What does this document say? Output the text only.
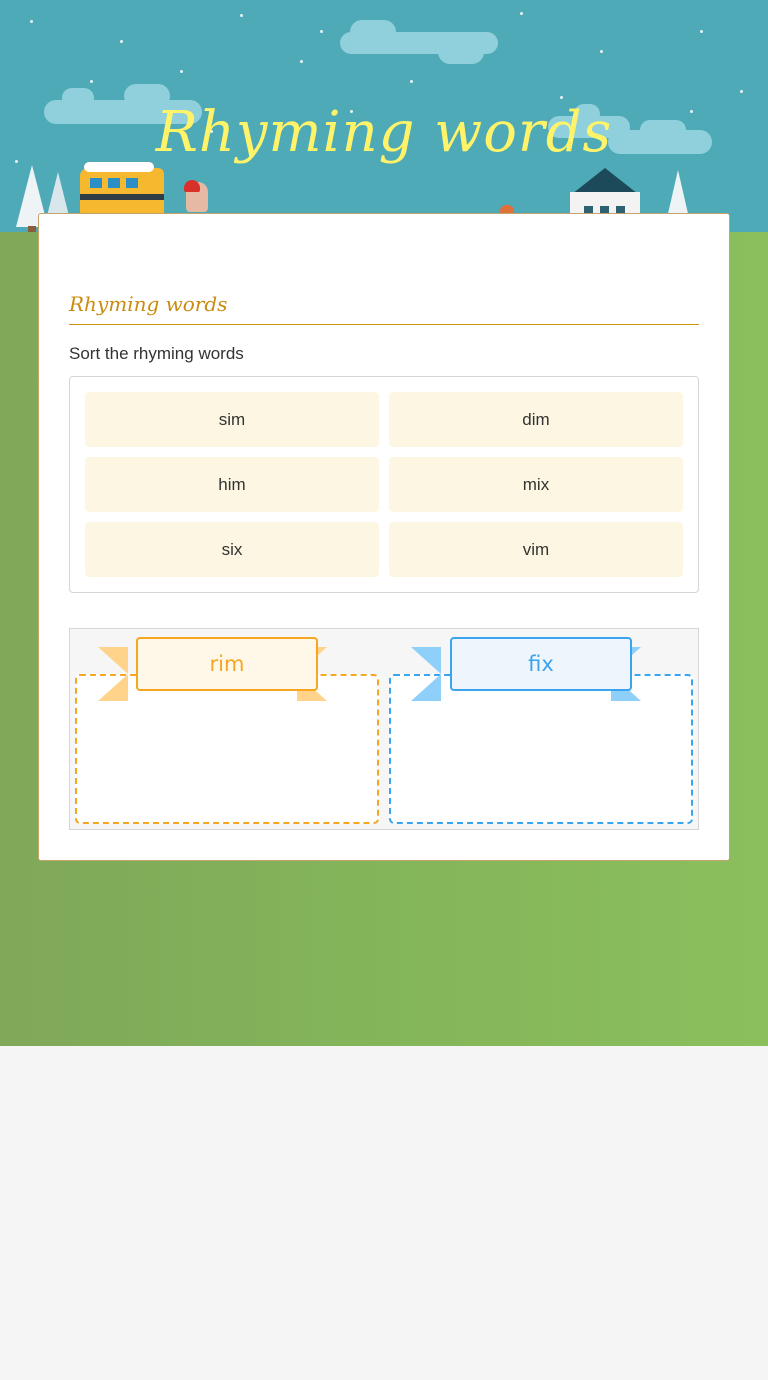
Rhyming words
Rhyming words
Sort the rhyming words
sim	dim
him	mix
six	vim
rim	fix
